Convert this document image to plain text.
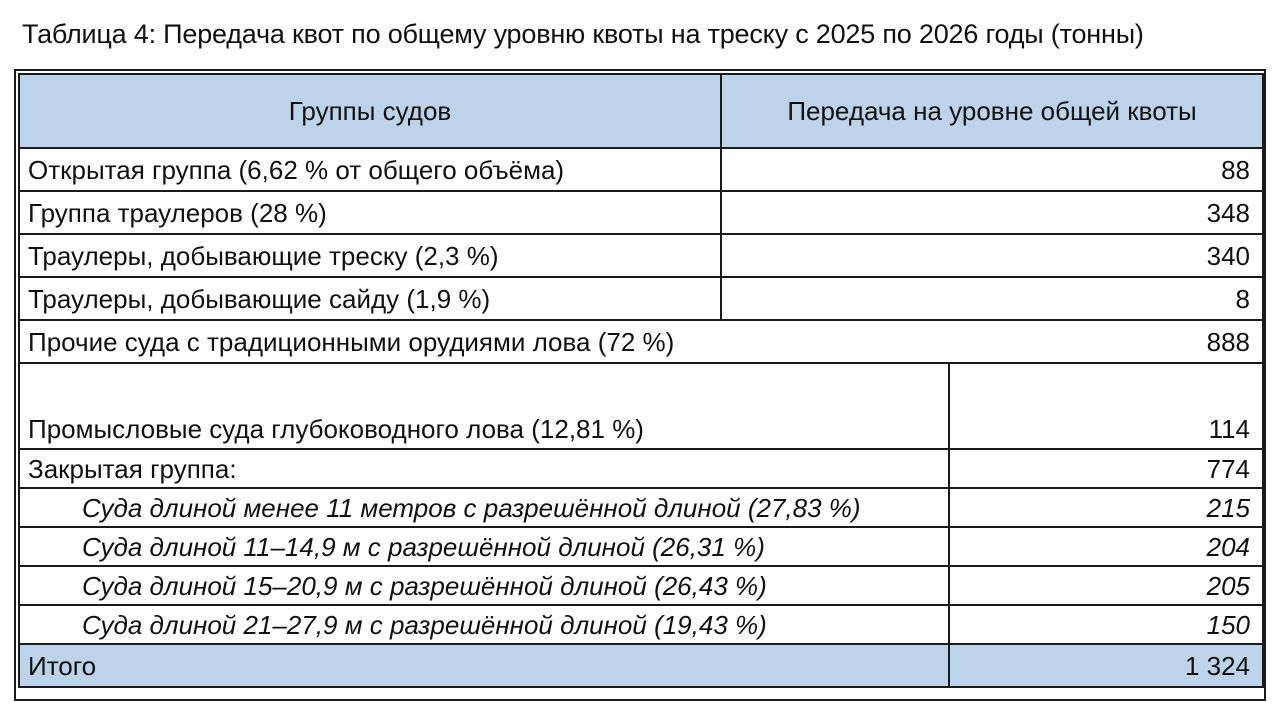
Таблица 4: Передача квот по общему уровню квоты на треску с 2025 по 2026 годы (тонны)
Группы судов	Передача на уровне общей квоты	
Открытая группа (6,62 % от общего объёма)	88	
Группа траулеров (28 %)	348	
Траулеры, добывающие треску (2,3 %)	340	
Траулеры, добывающие сайду (1,9 %)	8	
Прочие суда с традиционными орудиями лова (72 %)		888
Промысловые суда глубоководного лова (12,81 %)		114
Закрытая группа:		774
Суда длиной менее 11 метров с разрешённой длиной (27,83 %)		215
Суда длиной 11–14,9 м с разрешённой длиной (26,31 %)		204
Суда длиной 15–20,9 м с разрешённой длиной (26,43 %)		205
Суда длиной 21–27,9 м с разрешённой длиной (19,43 %)		150
Итого		1 324
